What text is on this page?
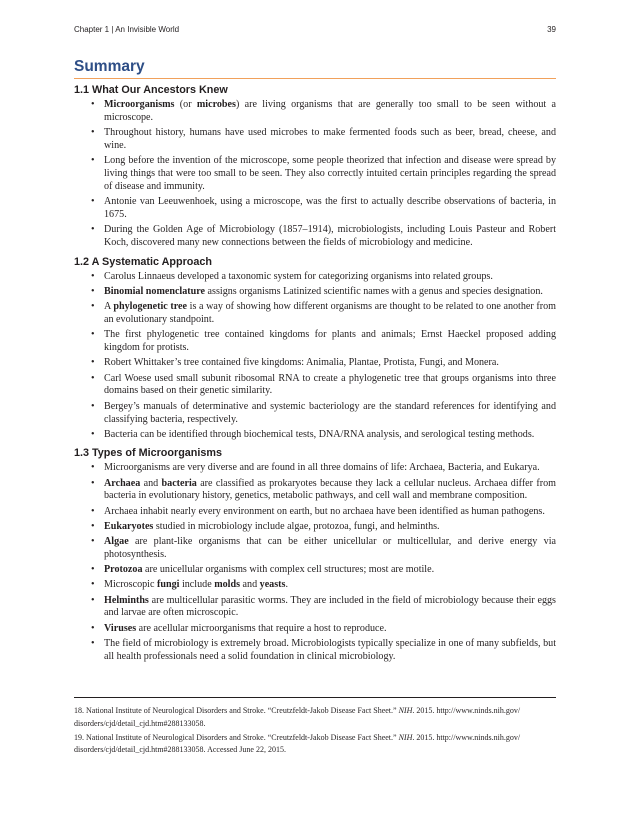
Chapter 1 | An Invisible World	39
Summary
1.1 What Our Ancestors Knew
• Microorganisms (or microbes) are living organisms that are generally too small to be seen without a microscope.
• Throughout history, humans have used microbes to make fermented foods such as beer, bread, cheese, and wine.
• Long before the invention of the microscope, some people theorized that infection and disease were spread by living things that were too small to be seen. They also correctly intuited certain principles regarding the spread of disease and immunity.
• Antonie van Leeuwenhoek, using a microscope, was the first to actually describe observations of bacteria, in 1675.
• During the Golden Age of Microbiology (1857–1914), microbiologists, including Louis Pasteur and Robert Koch, discovered many new connections between the fields of microbiology and medicine.
1.2 A Systematic Approach
• Carolus Linnaeus developed a taxonomic system for categorizing organisms into related groups.
• Binomial nomenclature assigns organisms Latinized scientific names with a genus and species designation.
• A phylogenetic tree is a way of showing how different organisms are thought to be related to one another from an evolutionary standpoint.
• The first phylogenetic tree contained kingdoms for plants and animals; Ernst Haeckel proposed adding kingdom for protists.
• Robert Whittaker’s tree contained five kingdoms: Animalia, Plantae, Protista, Fungi, and Monera.
• Carl Woese used small subunit ribosomal RNA to create a phylogenetic tree that groups organisms into three domains based on their genetic similarity.
• Bergey’s manuals of determinative and systemic bacteriology are the standard references for identifying and classifying bacteria, respectively.
• Bacteria can be identified through biochemical tests, DNA/RNA analysis, and serological testing methods.
1.3 Types of Microorganisms
• Microorganisms are very diverse and are found in all three domains of life: Archaea, Bacteria, and Eukarya.
• Archaea and bacteria are classified as prokaryotes because they lack a cellular nucleus. Archaea differ from bacteria in evolutionary history, genetics, metabolic pathways, and cell wall and membrane composition.
• Archaea inhabit nearly every environment on earth, but no archaea have been identified as human pathogens.
• Eukaryotes studied in microbiology include algae, protozoa, fungi, and helminths.
• Algae are plant-like organisms that can be either unicellular or multicellular, and derive energy via photosynthesis.
• Protozoa are unicellular organisms with complex cell structures; most are motile.
• Microscopic fungi include molds and yeasts.
• Helminths are multicellular parasitic worms. They are included in the field of microbiology because their eggs and larvae are often microscopic.
• Viruses are acellular microorganisms that require a host to reproduce.
• The field of microbiology is extremely broad. Microbiologists typically specialize in one of many subfields, but all health professionals need a solid foundation in clinical microbiology.

18. National Institute of Neurological Disorders and Stroke. “Creutzfeldt-Jakob Disease Fact Sheet.” NIH. 2015. http://www.ninds.nih.gov/ disorders/cjd/detail_cjd.htm#288133058.

19. National Institute of Neurological Disorders and Stroke. “Creutzfeldt-Jakob Disease Fact Sheet.” NIH. 2015. http://www.ninds.nih.gov/ disorders/cjd/detail_cjd.htm#288133058. Accessed June 22, 2015.
